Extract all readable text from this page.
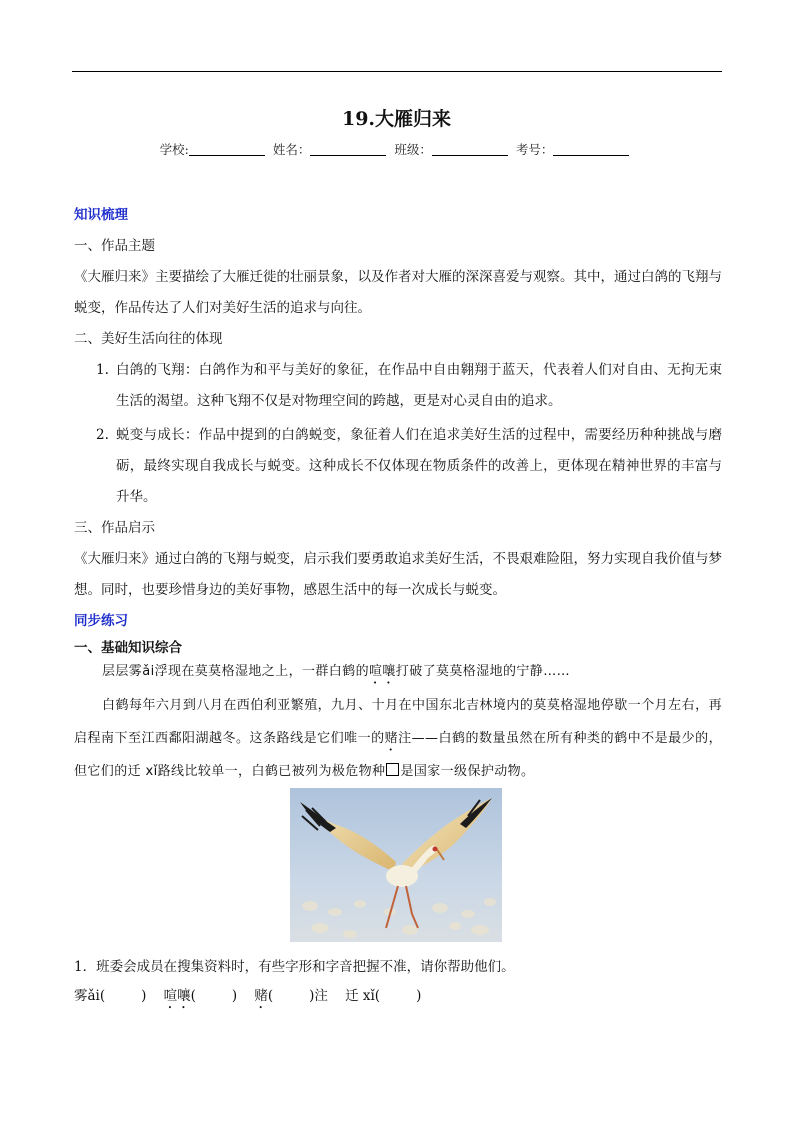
19.大雁归来
学校:	姓名：	班级：	考号：
知识梳理
一、作品主题
《大雁归来》主要描绘了大雁迁徙的壮丽景象，以及作者对大雁的深深喜爱与观察。其中，通过白鸽的飞翔与蜕变，作品传达了人们对美好生活的追求与向往。
二、美好生活向往的体现
1. 白鸽的飞翔：白鸽作为和平与美好的象征，在作品中自由翱翔于蓝天，代表着人们对自由、无拘无束生活的渴望。这种飞翔不仅是对物理空间的跨越，更是对心灵自由的追求。
2. 蜕变与成长：作品中提到的白鸽蜕变，象征着人们在追求美好生活的过程中，需要经历种种挑战与磨砺，最终实现自我成长与蜕变。这种成长不仅体现在物质条件的改善上，更体现在精神世界的丰富与升华。
三、作品启示
《大雁归来》通过白鸽的飞翔与蜕变，启示我们要勇敢追求美好生活，不畏艰难险阻，努力实现自我价值与梦想。同时，也要珍惜身边的美好事物，感恩生活中的每一次成长与蜕变。
同步练习
一、基础知识综合
层层雾ǎi浮现在莫莫格湿地之上，一群白鹤的喧嚷打破了莫莫格湿地的宁静……
白鹤每年六月到八月在西伯利亚繁殖，九月、十月在中国东北吉林境内的莫莫格湿地停歇一个月左右，再启程南下至江西鄱阳湖越冬。这条路线是它们唯一的赌注——白鹤的数量虽然在所有种类的鹤中不是最少的，但它们的迁 xǐ路线比较单一，白鹤已被列为极危物种 是国家一级保护动物。
1．班委会成员在搜集资料时，有些字形和字音把握不准，请你帮助他们。
雾ǎi(	) 喧嚷(	) 赌(	)注 迁 xǐ(	)
